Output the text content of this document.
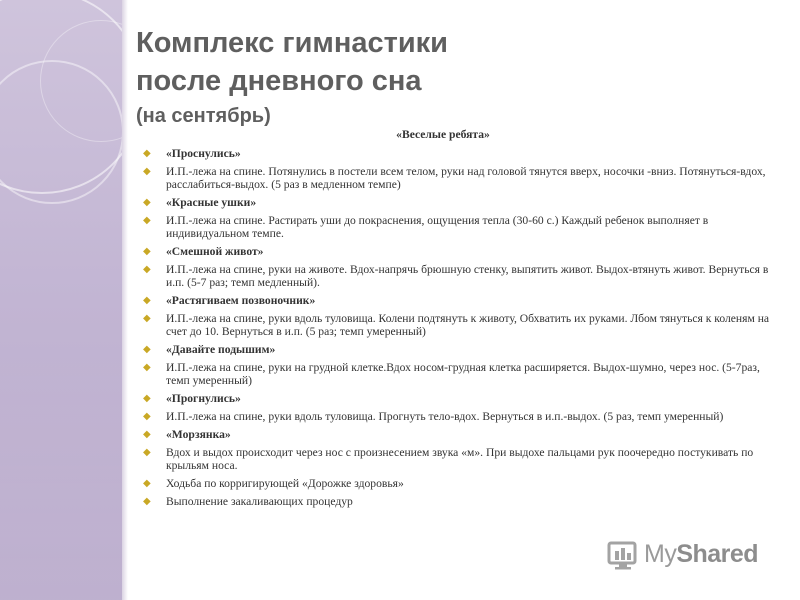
Комплекс гимнастики
после дневного сна
(на сентябрь)
«Веселые ребята»
◆ «Проснулись»
◆ И.П.-лежа на спине. Потянулись в постели всем телом, руки над головой тянутся вверх, носочки -вниз. Потянуться-вдох, расслабиться-выдох. (5 раз в медленном темпе)
◆ «Красные ушки»
◆ И.П.-лежа на спине. Растирать уши до покраснения, ощущения тепла (30-60 с.) Каждый ребенок выполняет в индивидуальном темпе.
◆ «Смешной живот»
◆ И.П.-лежа на спине, руки на животе. Вдох-напрячь брюшную стенку, выпятить живот. Выдох-втянуть живот. Вернуться в и.п. (5-7 раз; темп медленный).
◆ «Растягиваем позвоночник»
◆ И.П.-лежа на спине, руки вдоль туловища. Колени подтянуть к животу, Обхватить их руками. Лбом тянуться к коленям на счет до 10. Вернуться в и.п. (5 раз; темп умеренный)
◆ «Давайте подышим»
◆ И.П.-лежа на спине, руки на грудной клетке.Вдох носом-грудная клетка расширяется. Выдох-шумно, через нос. (5-7раз, темп умеренный)
◆ «Прогнулись»
◆ И.П.-лежа на спине, руки вдоль туловища. Прогнуть тело-вдох. Вернуться в и.п.-выдох. (5 раз, темп умеренный)
◆ «Морзянка»
◆ Вдох и выдох происходит через нос с произнесением звука «м». При выдохе пальцами рук поочередно постукивать по крыльям носа.
◆ Ходьба по корригирующей «Дорожке здоровья»
◆ Выполнение закаливающих процедур
MyShared
